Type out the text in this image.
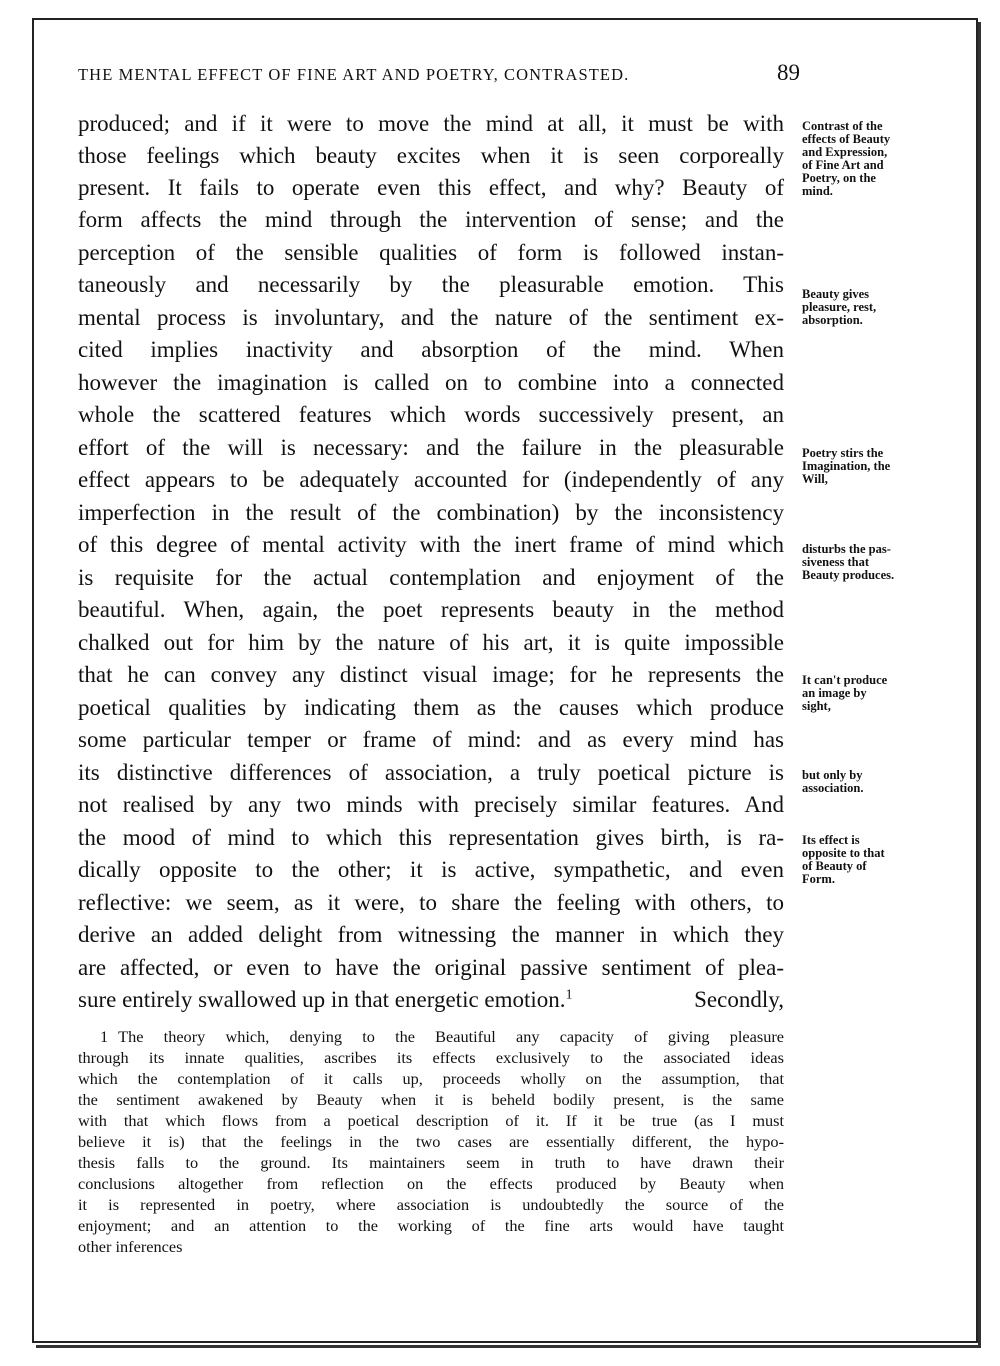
THE MENTAL EFFECT OF FINE ART AND POETRY, CONTRASTED.	89
produced; and if it were to move the mind at all, it must be with
those feelings which beauty excites when it is seen corporeally
present. It fails to operate even this effect, and why? Beauty of
form affects the mind through the intervention of sense; and the
perception of the sensible qualities of form is followed instan-
taneously and necessarily by the pleasurable emotion. This
mental process is involuntary, and the nature of the sentiment ex-
cited implies inactivity and absorption of the mind. When
however the imagination is called on to combine into a connected
whole the scattered features which words successively present, an
effort of the will is necessary: and the failure in the pleasurable
effect appears to be adequately accounted for (independently of any
imperfection in the result of the combination) by the inconsistency
of this degree of mental activity with the inert frame of mind which
is requisite for the actual contemplation and enjoyment of the
beautiful. When, again, the poet represents beauty in the method
chalked out for him by the nature of his art, it is quite impossible
that he can convey any distinct visual image; for he represents the
poetical qualities by indicating them as the causes which produce
some particular temper or frame of mind: and as every mind has
its distinctive differences of association, a truly poetical picture is
not realised by any two minds with precisely similar features. And
the mood of mind to which this representation gives birth, is ra-
dically opposite to the other; it is active, sympathetic, and even
reflective: we seem, as it were, to share the feeling with others, to
derive an added delight from witnessing the manner in which they
are affected, or even to have the original passive sentiment of plea-
sure entirely swallowed up in that energetic emotion.$^1$	Secondly,
Contrast of the
effects of Beauty
and Expression,
of Fine Art and
Poetry, on the
mind.
Beauty gives
pleasure, rest,
absorption.
Poetry stirs the
Imagination, the
Will,
disturbs the pas-
siveness that
Beauty produces.
It can't produce
an image by
sight,
but only by
association.
Its effect is
opposite to that
of Beauty of
Form.
1 The theory which, denying to the Beautiful any capacity of giving pleasure
through its innate qualities, ascribes its effects exclusively to the associated ideas
which the contemplation of it calls up, proceeds wholly on the assumption, that
the sentiment awakened by Beauty when it is beheld bodily present, is the same
with that which flows from a poetical description of it. If it be true (as I must
believe it is) that the feelings in the two cases are essentially different, the hypo-
thesis falls to the ground. Its maintainers seem in truth to have drawn their
conclusions altogether from reflection on the effects produced by Beauty when
it is represented in poetry, where association is undoubtedly the source of the
enjoyment; and an attention to the working of the fine arts would have taught
other inferences
